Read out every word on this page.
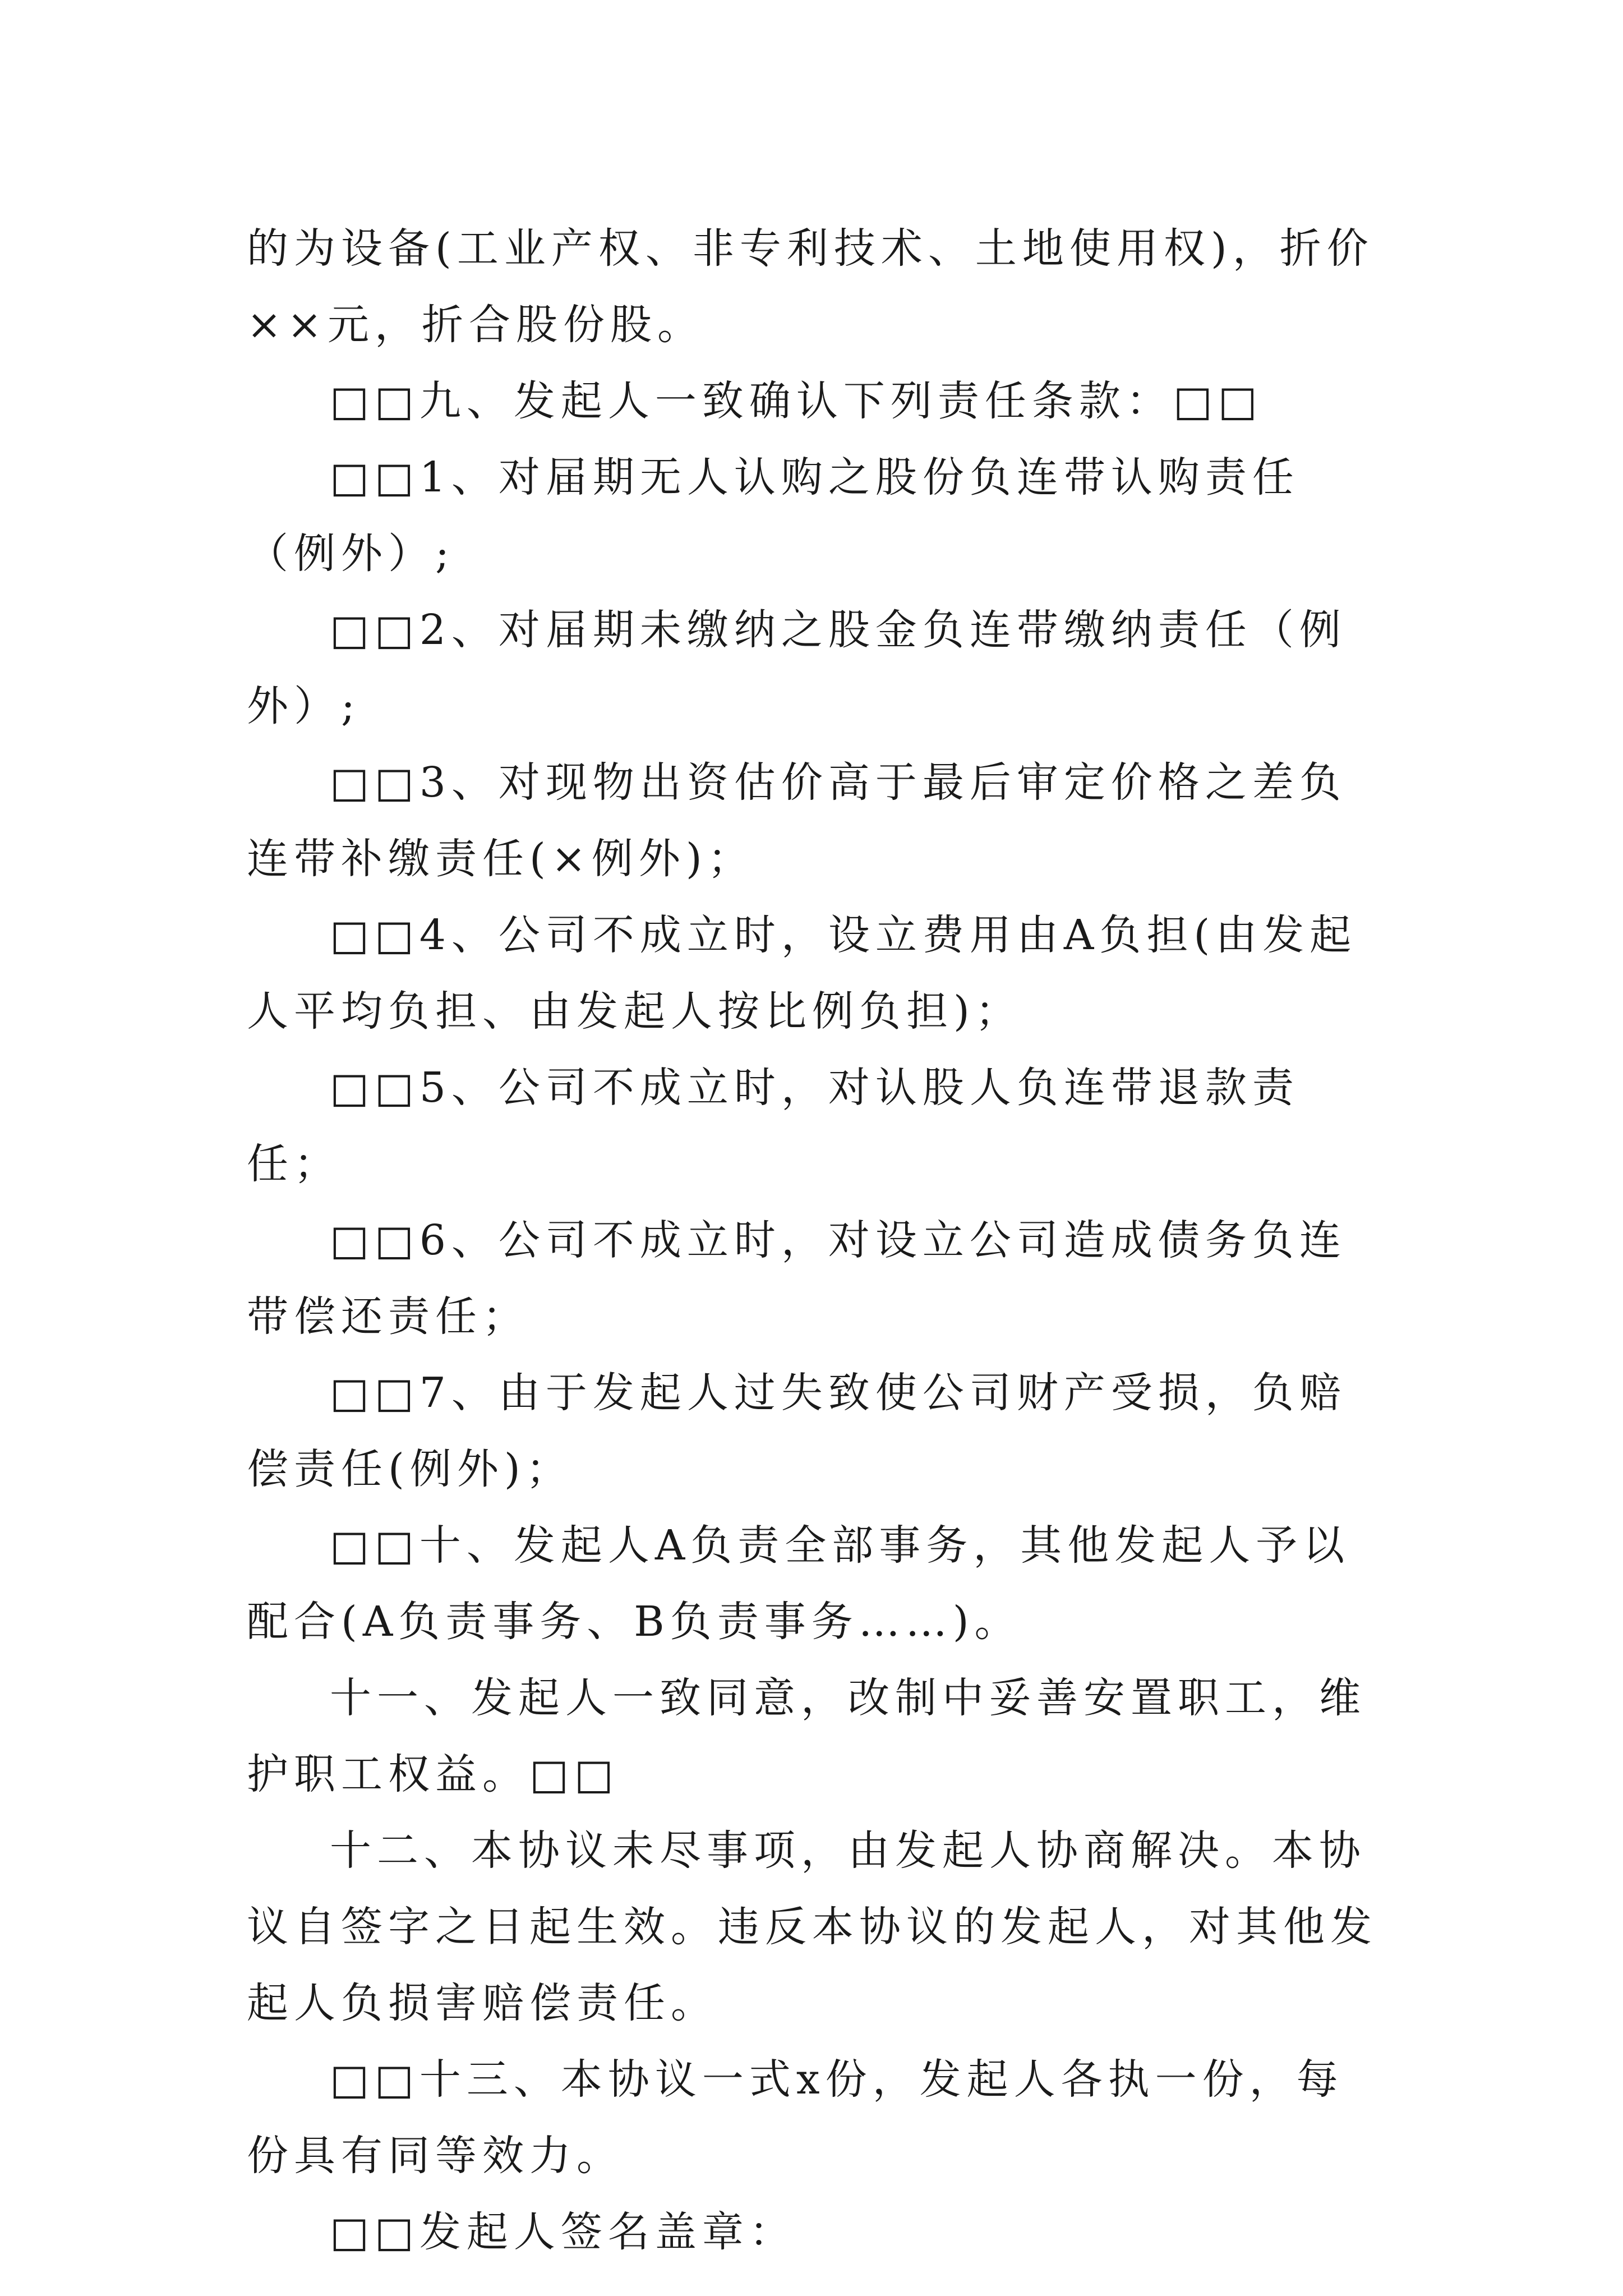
的为设备(工业产权、非专利技术、土地使用权)，折价××元，折合股份股。

□□九、发起人一致确认下列责任条款：□□

□□1、对届期无人认购之股份负连带认购责任（例外）;

□□2、对届期未缴纳之股金负连带缴纳责任（例外）;

□□3、对现物出资估价高于最后审定价格之差负连带补缴责任(×例外)；

□□4、公司不成立时，设立费用由A负担(由发起人平均负担、由发起人按比例负担)；

□□5、公司不成立时，对认股人负连带退款责任；

□□6、公司不成立时，对设立公司造成债务负连带偿还责任；

□□7、由于发起人过失致使公司财产受损，负赔偿责任(例外)；

□□十、发起人A负责全部事务，其他发起人予以配合(A负责事务、B负责事务……)。

十一、发起人一致同意，改制中妥善安置职工，维护职工权益。□□

十二、本协议未尽事项，由发起人协商解决。本协议自签字之日起生效。违反本协议的发起人，对其他发起人负损害赔偿责任。

□□十三、本协议一式x份，发起人各执一份，每份具有同等效力。

□□发起人签名盖章：
